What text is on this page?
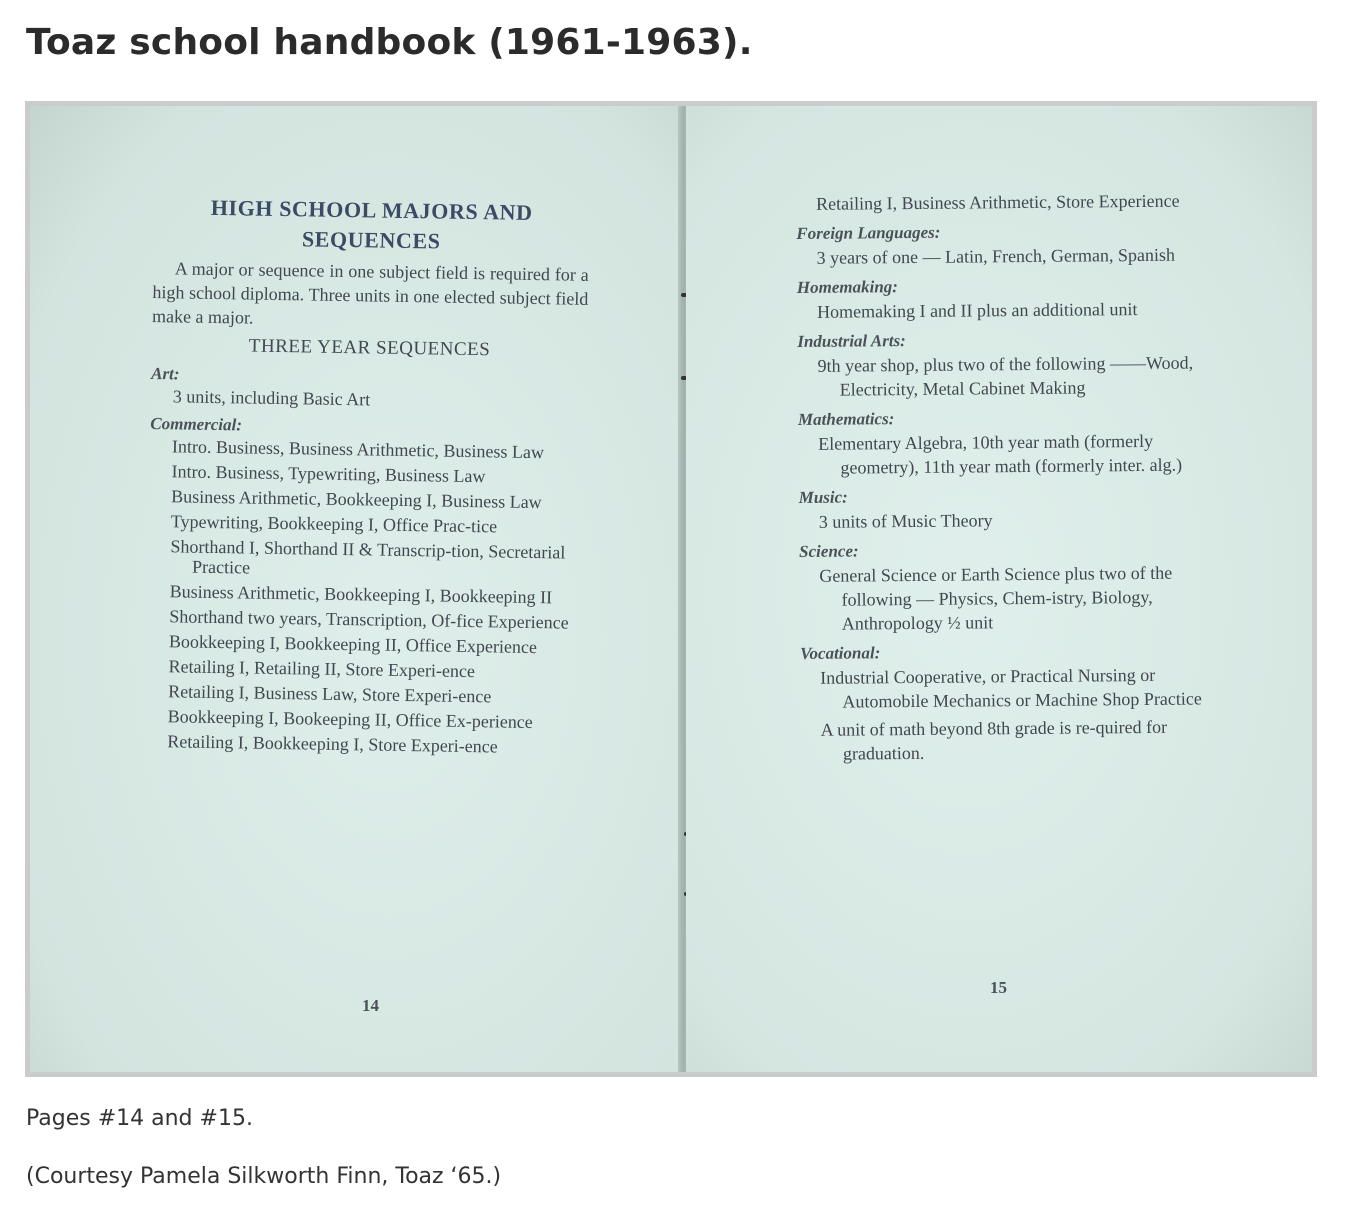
Toaz school handbook (1961-1963).

HIGH SCHOOL MAJORS AND

SEQUENCES

A major or sequence in one subject field is required for a high school diploma. Three units in one elected subject field make a major.

THREE YEAR SEQUENCES

Art:

3 units, including Basic Art

Commercial:

Intro. Business, Business Arithmetic, Business Law

Intro. Business, Typewriting, Business Law

Business Arithmetic, Bookkeeping I, Business Law

Typewriting, Bookkeeping I, Office Prac-tice

Shorthand I, Shorthand II & Transcrip-tion, Secretarial Practice

Business Arithmetic, Bookkeeping I, Bookkeeping II

Shorthand two years, Transcription, Of-fice Experience

Bookkeeping I, Bookkeeping II, Office Experience

Retailing I, Retailing II, Store Experi-ence

Retailing I, Business Law, Store Experi-ence

Bookkeeping I, Bookeeping II, Office Ex-perience

Retailing I, Bookkeeping I, Store Experi-ence

14

Retailing I, Business Arithmetic, Store Experience

Foreign Languages:

3 years of one — Latin, French, German, Spanish

Homemaking:

Homemaking I and II plus an additional unit

Industrial Arts:

9th year shop, plus two of the following ——Wood, Electricity, Metal Cabinet Making

Mathematics:

Elementary Algebra, 10th year math (formerly geometry), 11th year math (formerly inter. alg.)

Music:

3 units of Music Theory

Science:

General Science or Earth Science plus two of the following — Physics, Chem-istry, Biology, Anthropology ½ unit

Vocational:

Industrial Cooperative, or Practical Nursing or Automobile Mechanics or Machine Shop Practice

A unit of math beyond 8th grade is re-quired for graduation.

15

Pages #14 and #15.

(Courtesy Pamela Silkworth Finn, Toaz ‘65.)
